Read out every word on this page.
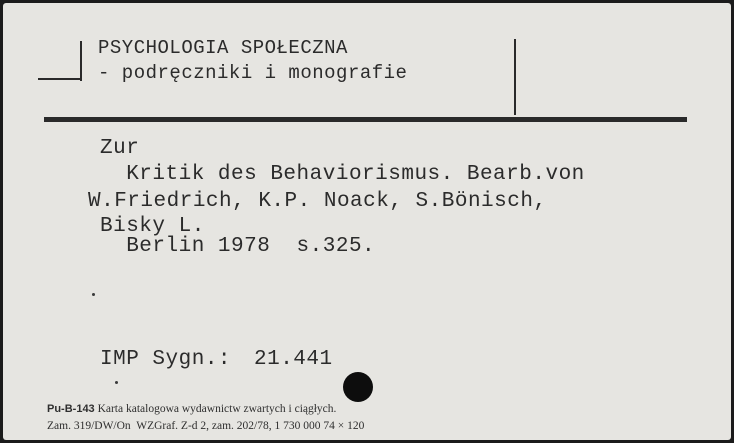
PSYCHOLOGIA SPOŁECZNA
- podręczniki i monografie
Zur
Kritik des Behaviorismus. Bearb.von
W.Friedrich, K.P. Noack, S.Bönisch,
Bisky L.
Berlin 1978  s.325.
IMP Sygn.: 21.441
Pu-B-143 Karta katalogowa wydawnictw zwartych i ciągłych.
Zam. 319/DW/On  WZGraf. Z-d 2, zam. 202/78, 1 730 000 74 × 120
